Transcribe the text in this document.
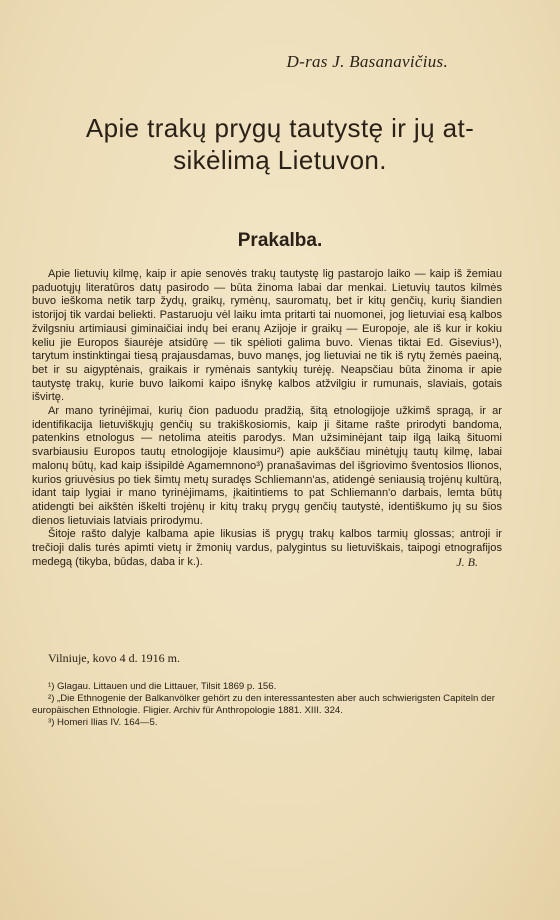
D-ras J. Basanavičius.
Apie trakų prygų tautystę ir jų at-sikėlimą Lietuvon.
Prakalba.

Apie lietuvių kilmę, kaip ir apie senovės trakų tautystę lig pastarojo laiko — kaip iš žemiau paduotųjų literatūros datų pasirodo — būta žinoma labai dar menkai. Lietuvių tautos kilmės buvo ieškoma netik tarp žydų, graikų, rymėnų, sauromatų, bet ir kitų genčių, kurių šiandien istorijoj tik vardai beliekti. Pastaruoju vėl laiku imta pritarti tai nuomonei, jog lietuviai esą kalbos žvilgsniu artimiausi giminaičiai indų bei eranų Azijoje ir graikų — Europoje, ale iš kur ir kokiu keliu jie Europos šiaurėje atsidūrę — tik spėlioti galima buvo. Vienas tiktai Ed. Gisevius¹), tarytum instinktingai tiesą prajausdamas, buvo manęs, jog lietuviai ne tik iš rytų žemės paeiną, bet ir su aigyptėnais, graikais ir rymėnais santykių turėję. Neapsčiau būta žinoma ir apie tautystę trakų, kurie buvo laikomi kaipo išnykę kalbos atžvilgiu ir rumunais, slaviais, gotais išvirtę.

Ar mano tyrinėjimai, kurių čion paduodu pradžią, šitą etnologijoje užkimš spragą, ir ar identifikacija lietuviškųjų genčių su trakiškosiomis, kaip ji šitame rašte prirodyti bandoma, patenkins etnologus — netolima ateitis parodys. Man užsiminėjant taip ilgą laiką šituomi svarbiausiu Europos tautų etnologijoje klausimu²) apie aukščiau minėtųjų tautų kilmę, labai malonų būtų, kad kaip išsipildė Agamemnono³) pranašavimas del išgriovimo šventosios Ilionos, kurios griuvėsius po tiek šimtų metų suradęs Schliemann'as, atidengė seniausią trojėnų kultūrą, idant taip lygiai ir mano tyrinėjimams, įkaitintiems to pat Schliemann'o darbais, lemta būtų atidengti bei aikštėn iškelti trojėnų ir kitų trakų prygų genčių tautystė, identiškumo jų su šios dienos lietuviais latviais prirodymu.

Šitoje rašto dalyje kalbama apie likusias iš prygų trakų kalbos tarmių glossas; antroji ir trečioji dalis turės apimti vietų ir žmonių vardus, palygintus su lietuviškais, taipogi etnografijos medegą (tikyba, būdas, daba ir k.).	J. B.

Vilniuje, kovo 4 d. 1916 m.

¹) Glagau. Littauen und die Littauer, Tilsit 1869 p. 156.

²) „Die Ethnogenie der Balkanvölker gehört zu den interessantesten aber auch schwierigsten Capiteln der europäischen Ethnologie. Fligier. Archiv für Anthropologie 1881. XIII. 324.

³) Homeri Ilias IV. 164—5.
